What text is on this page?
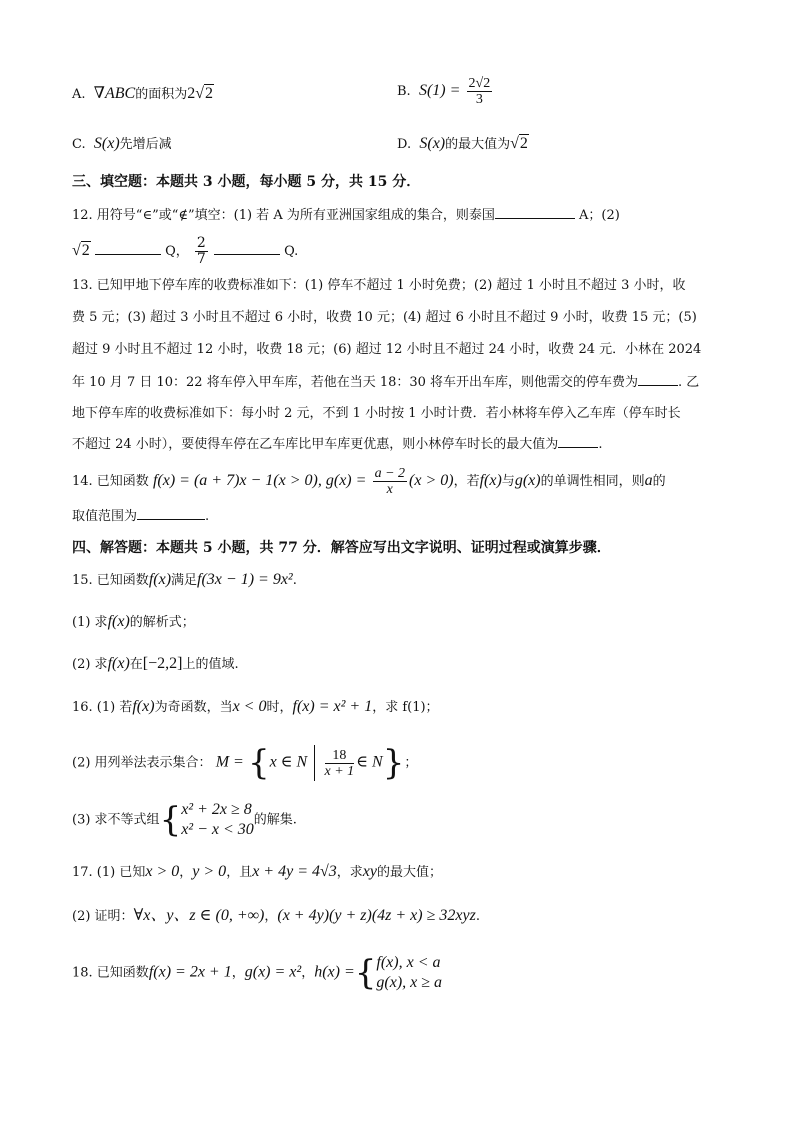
A. ∇ABC的面积为2√2	B. $S(1) = \frac{2√2}{3}$
C. S(x)先增后减	D. S(x)的最大值为√2
三、填空题：本题共 3 小题，每小题 5 分，共 15 分．
12. 用符号“∈”或“∉”填空：(1) 若 A 为所有亚洲国家组成的集合，则泰国	A；(2)
√2	Q， $\frac{2}{7}$	Q.
13. 已知甲地下停车库的收费标准如下：(1) 停车不超过 1 小时免费；(2) 超过 1 小时且不超过 3 小时，收
费 5 元；(3) 超过 3 小时且不超过 6 小时，收费 10 元；(4) 超过 6 小时且不超过 9 小时，收费 15 元；(5)
超过 9 小时且不超过 12 小时，收费 18 元；(6) 超过 12 小时且不超过 24 小时，收费 24 元．小林在 2024
年 10 月 7 日 10：22 将车停入甲车库，若他在当天 18：30 将车开出车库，则他需交的停车费为	. 乙
地下停车库的收费标准如下：每小时 2 元，不到 1 小时按 1 小时计费．若小林将车停入乙车库（停车时长
不超过 24 小时），要使得车停在乙车库比甲车库更优惠，则小林停车时长的最大值为	.
14. 已知函数 f(x) = (a + 7)x − 1(x > 0), $g(x) = \frac{a - 2}{x} (x > 0)$，若f(x)与g(x)的单调性相同，则a的
取值范围为	.
四、解答题：本题共 5 小题，共 77 分．解答应写出文字说明、证明过程或演算步骤．
15. 已知函数f(x)满足f(3x − 1) = 9x².
(1) 求f(x)的解析式；
(2) 求f(x)在[−2,2]上的值域.
16. (1) 若f(x)为奇函数，当x < 0时，f(x) = x² + 1，求 f(1)；
(2) 用列举法表示集合： M = {x ∈ N $\frac{18}{x + 1}$ ∈ N}；
(3) 求不等式组{ x² + 2x ≥ 8
x² − x < 30
的解集.
17. (1) 已知x > 0，y > 0，且x + 4y = 4√3，求xy的最大值；
(2) 证明：∀x、y、z ∈ (0, +∞)，(x + 4y)(y + z)(4z + x) ≥ 32xyz.
18. 已知函数f(x) = 2x + 1，g(x) = x²，h(x) ={ f(x), x < a
g(x), x ≥ a
